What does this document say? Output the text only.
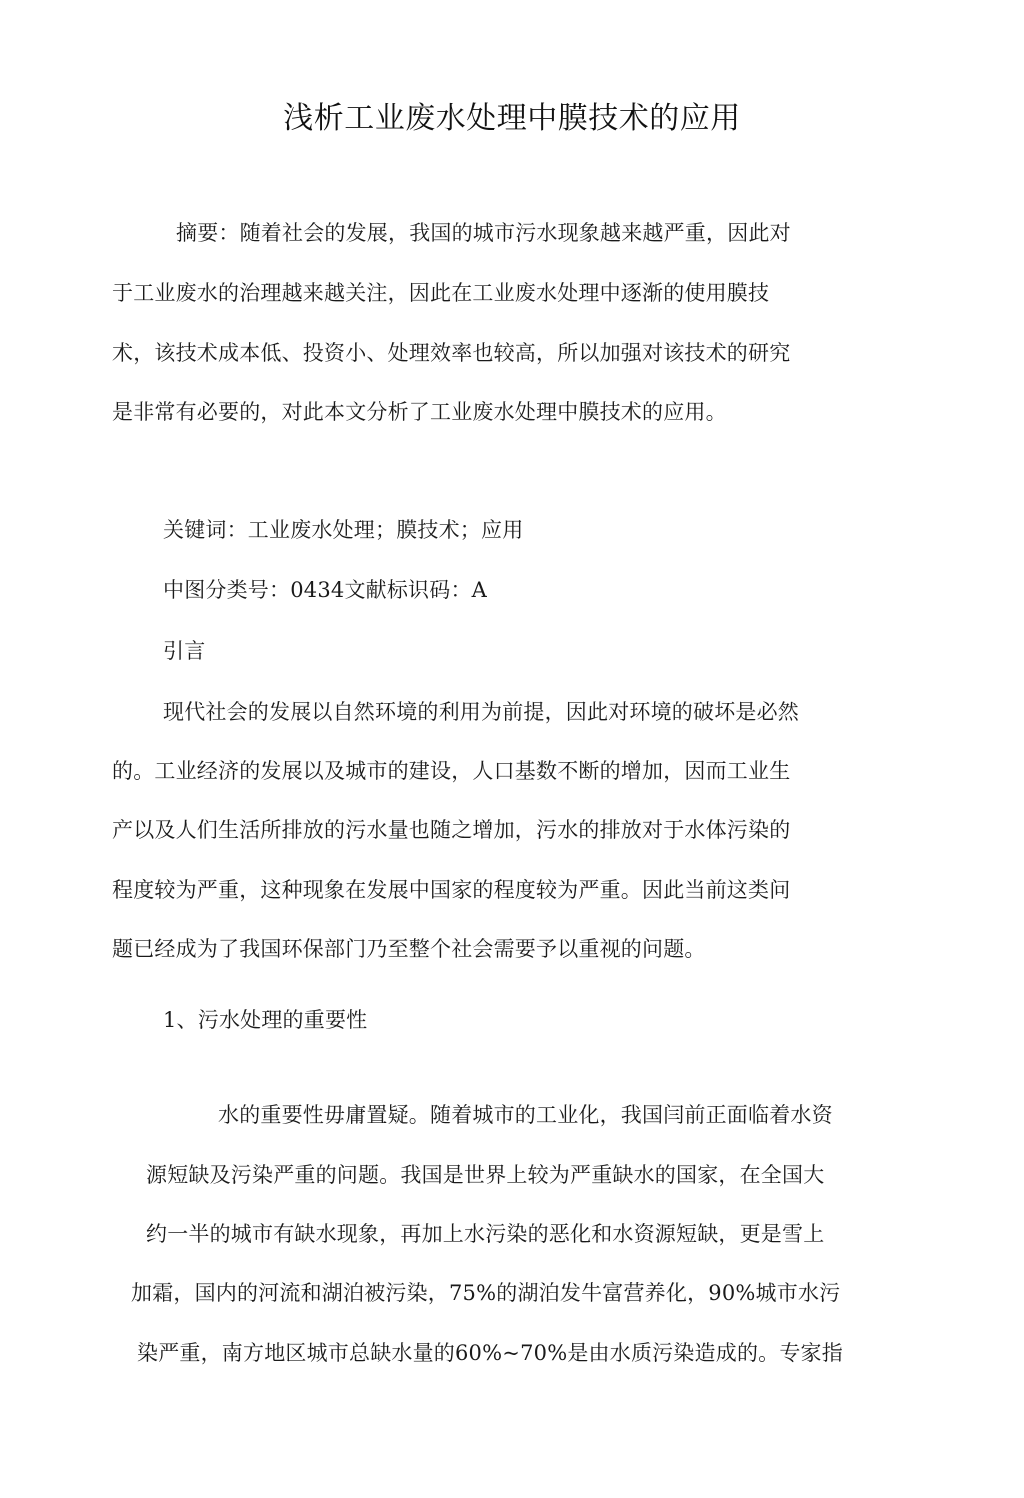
浅析工业废水处理中膜技术的应用
摘要：随着社会的发展，我国的城市污水现象越来越严重，因此对
于工业废水的治理越来越关注，因此在工业废水处理中逐渐的使用膜技
术，该技术成本低、投资小、处理效率也较高，所以加强对该技术的研究
是非常有必要的，对此本文分析了工业废水处理中膜技术的应用。
关键词：工业废水处理；膜技术；应用
中图分类号：0434文献标识码：A
引言
现代社会的发展以自然环境的利用为前提，因此对环境的破坏是必然
的。工业经济的发展以及城市的建设，人口基数不断的增加，因而工业生
产以及人们生活所排放的污水量也随之增加，污水的排放对于水体污染的
程度较为严重，这种现象在发展中国家的程度较为严重。因此当前这类问
题已经成为了我国环保部门乃至整个社会需要予以重视的问题。
1、污水处理的重要性
水的重要性毋庸置疑。随着城市的工业化，我国闫前正面临着水资
源短缺及污染严重的问题。我国是世界上较为严重缺水的国家，在全国大
约一半的城市有缺水现象，再加上水污染的恶化和水资源短缺，更是雪上
加霜，国内的河流和湖泊被污染，75%的湖泊发牛富营养化，90%城市水污
染严重，南方地区城市总缺水量的60%~70%是由水质污染造成的。专家指
